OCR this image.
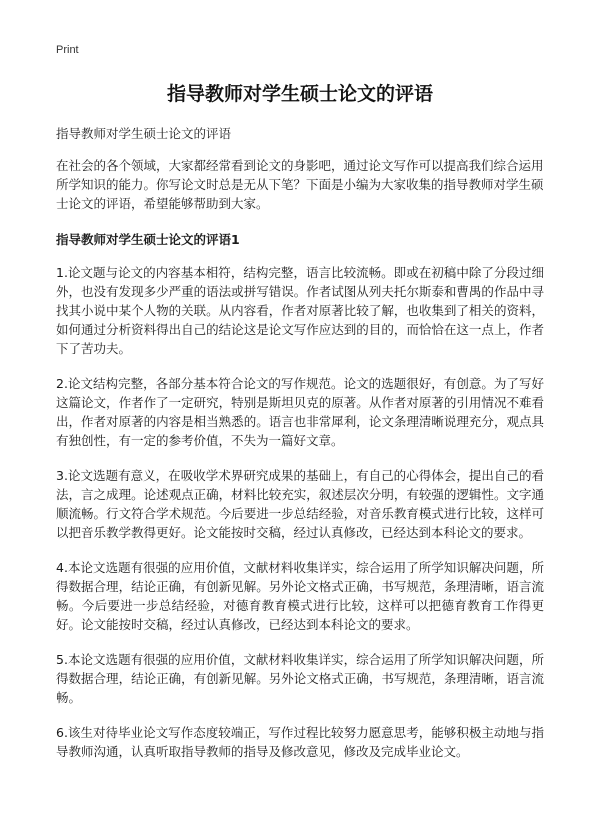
Print
指导教师对学生硕士论文的评语

指导教师对学生硕士论文的评语

在社会的各个领域，大家都经常看到论文的身影吧，通过论文写作可以提高我们综合运用所学知识的能力。你写论文时总是无从下笔？下面是小编为大家收集的指导教师对学生硕士论文的评语，希望能够帮助到大家。

指导教师对学生硕士论文的评语1

1.论文题与论文的内容基本相符，结构完整，语言比较流畅。即或在初稿中除了分段过细外，也没有发现多少严重的语法或拼写错误。作者试图从列夫托尔斯泰和曹禺的作品中寻找其小说中某个人物的关联。从内容看，作者对原著比较了解，也收集到了相关的资料，如何通过分析资料得出自己的结论这是论文写作应达到的目的，而恰恰在这一点上，作者下了苦功夫。

2.论文结构完整，各部分基本符合论文的写作规范。论文的选题很好，有创意。为了写好这篇论文，作者作了一定研究，特别是斯坦贝克的原著。从作者对原著的引用情况不难看出，作者对原著的内容是相当熟悉的。语言也非常犀利，论文条理清晰说理充分，观点具有独创性，有一定的参考价值，不失为一篇好文章。

3.论文选题有意义，在吸收学术界研究成果的基础上，有自己的心得体会，提出自己的看法，言之成理。论述观点正确，材料比较充实，叙述层次分明，有较强的逻辑性。文字通顺流畅。行文符合学术规范。今后要进一步总结经验，对音乐教育模式进行比较，这样可以把音乐教学教得更好。论文能按时交稿，经过认真修改，已经达到本科论文的要求。

4.本论文选题有很强的应用价值，文献材料收集详实，综合运用了所学知识解决问题，所得数据合理，结论正确，有创新见解。另外论文格式正确，书写规范，条理清晰，语言流畅。今后要进一步总结经验，对德育教育模式进行比较，这样可以把德育教育工作得更好。论文能按时交稿，经过认真修改，已经达到本科论文的要求。

5.本论文选题有很强的应用价值，文献材料收集详实，综合运用了所学知识解决问题，所得数据合理，结论正确，有创新见解。另外论文格式正确，书写规范，条理清晰，语言流畅。

6.该生对待毕业论文写作态度较端正，写作过程比较努力愿意思考，能够积极主动地与指导教师沟通，认真听取指导教师的指导及修改意见，修改及完成毕业论文。
